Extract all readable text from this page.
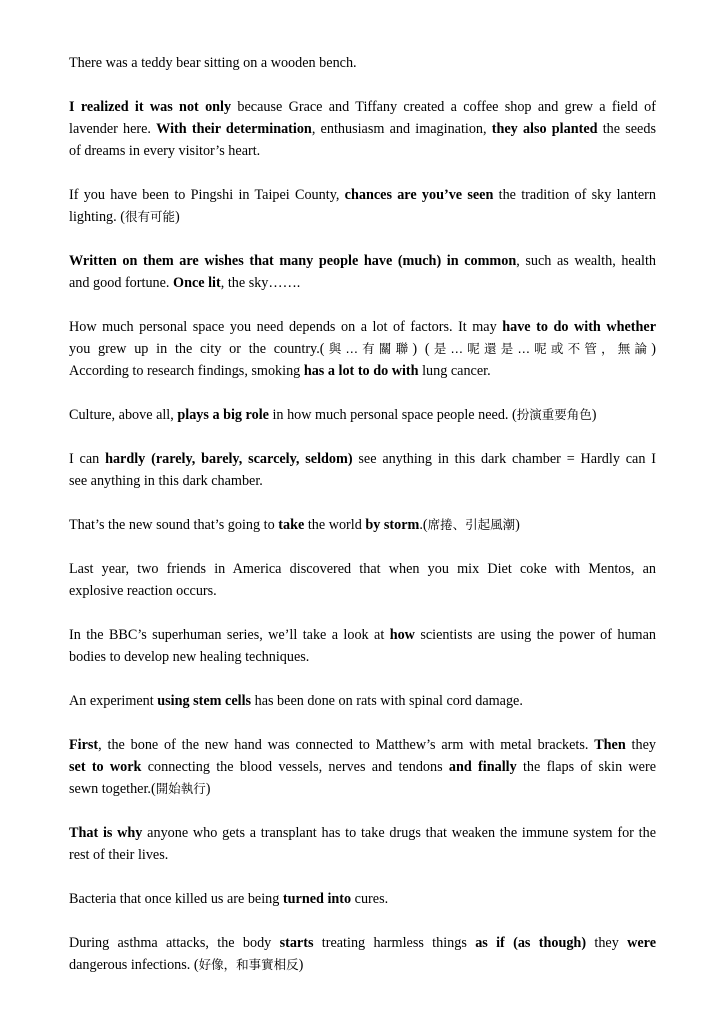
There was a teddy bear sitting on a wooden bench.

I realized it was not only because Grace and Tiffany created a coffee shop and grew a field of
lavender here. With their determination, enthusiasm and imagination, they also planted the seeds
of dreams in every visitor’s heart.

If you have been to Pingshi in Taipei County, chances are you’ve seen the tradition of sky lantern
lighting. (很有可能)

Written on them are wishes that many people have (much) in common, such as wealth, health
and good fortune. Once lit, the sky…….

How much personal space you need depends on a lot of factors. It may have to do with whether
you grew up in the city or the country.(與…有關聯) (是…呢還是…呢或不管，無論)
According to research findings, smoking has a lot to do with lung cancer.

Culture, above all, plays a big role in how much personal space people need. (扮演重要角色)

I can hardly (rarely, barely, scarcely, seldom) see anything in this dark chamber = Hardly can I
see anything in this dark chamber.

That’s the new sound that’s going to take the world by storm.(席捲、引起風潮)

Last year, two friends in America discovered that when you mix Diet coke with Mentos, an
explosive reaction occurs.

In the BBC’s superhuman series, we’ll take a look at how scientists are using the power of human
bodies to develop new healing techniques.

An experiment using stem cells has been done on rats with spinal cord damage.

First, the bone of the new hand was connected to Matthew’s arm with metal brackets. Then they
set to work connecting the blood vessels, nerves and tendons and finally the flaps of skin were
sewn together.(開始執行)

That is why anyone who gets a transplant has to take drugs that weaken the immune system for the
rest of their lives.

Bacteria that once killed us are being turned into cures.

During asthma attacks, the body starts treating harmless things as if (as though) they were
dangerous infections. (好像，和事實相反)
